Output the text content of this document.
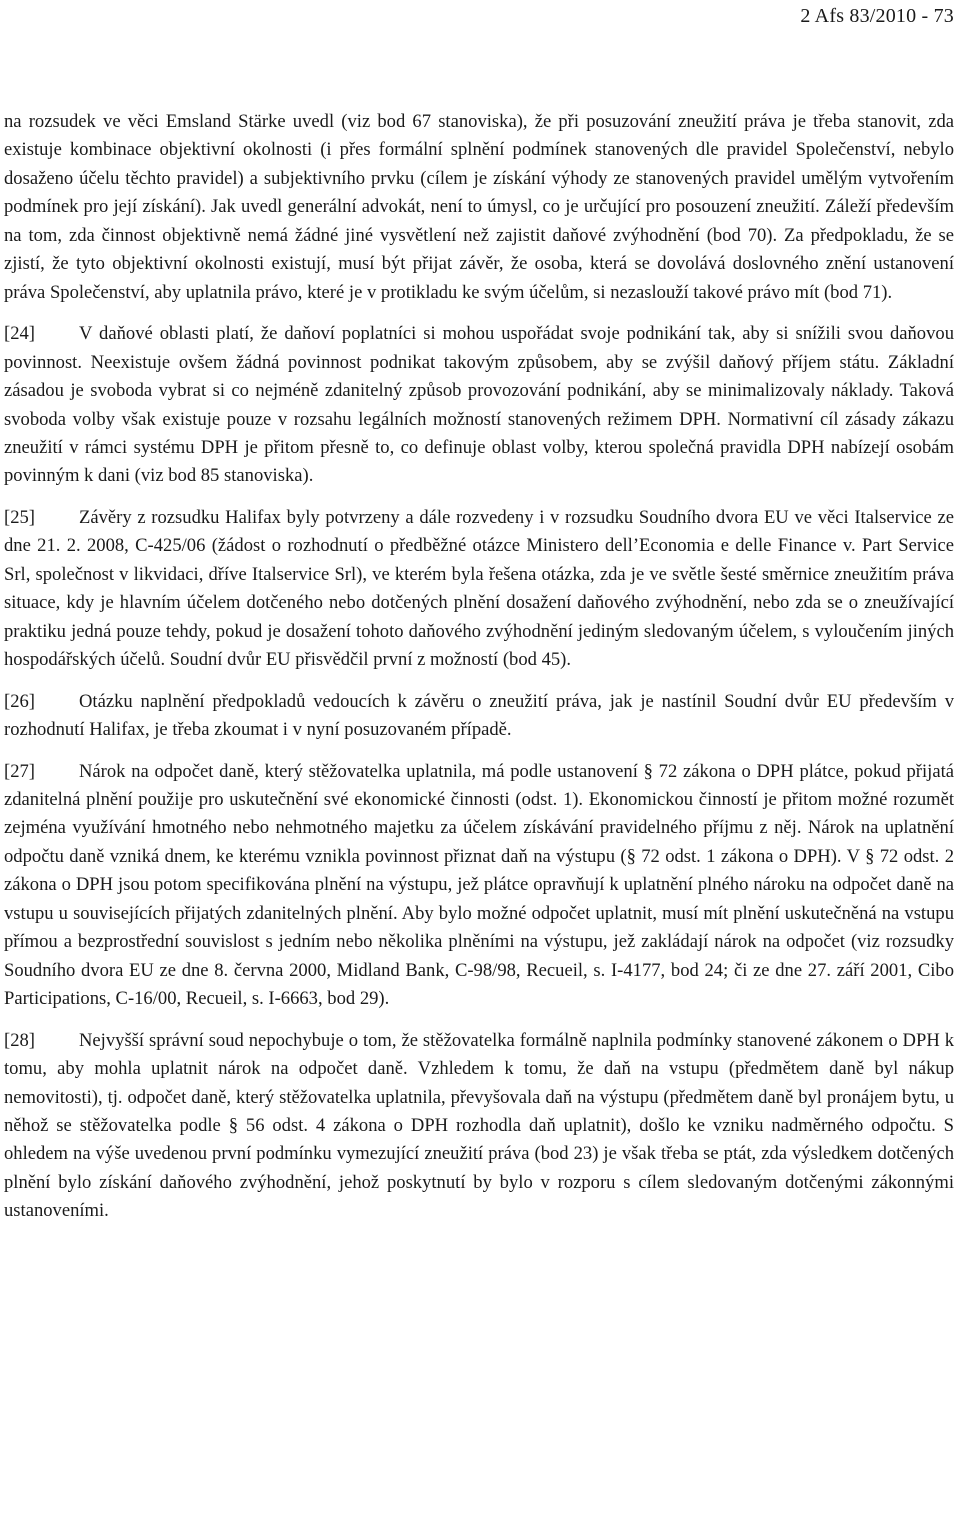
2 Afs 83/2010 - 73

na rozsudek ve věci Emsland Stärke uvedl (viz bod 67 stanoviska), že při posuzování zneužití práva je třeba stanovit, zda existuje kombinace objektivní okolnosti (i přes formální splnění podmínek stanovených dle pravidel Společenství, nebylo dosaženo účelu těchto pravidel) a subjektivního prvku (cílem je získání výhody ze stanovených pravidel umělým vytvořením podmínek pro její získání). Jak uvedl generální advokát, není to úmysl, co je určující pro posouzení zneužití. Záleží především na tom, zda činnost objektivně nemá žádné jiné vysvětlení než zajistit daňové zvýhodnění (bod 70). Za předpokladu, že se zjistí, že tyto objektivní okolnosti existují, musí být přijat závěr, že osoba, která se dovolává doslovného znění ustanovení práva Společenství, aby uplatnila právo, které je v protikladu ke svým účelům, si nezaslouží takové právo mít (bod 71).

[24] V daňové oblasti platí, že daňoví poplatníci si mohou uspořádat svoje podnikání tak, aby si snížili svou daňovou povinnost. Neexistuje ovšem žádná povinnost podnikat takovým způsobem, aby se zvýšil daňový příjem státu. Základní zásadou je svoboda vybrat si co nejméně zdanitelný způsob provozování podnikání, aby se minimalizovaly náklady. Taková svoboda volby však existuje pouze v rozsahu legálních možností stanovených režimem DPH. Normativní cíl zásady zákazu zneužití v rámci systému DPH je přitom přesně to, co definuje oblast volby, kterou společná pravidla DPH nabízejí osobám povinným k dani (viz bod 85 stanoviska).

[25] Závěry z rozsudku Halifax byly potvrzeny a dále rozvedeny i v rozsudku Soudního dvora EU ve věci Italservice ze dne 21. 2. 2008, C-425/06 (žádost o rozhodnutí o předběžné otázce Ministero dell’Economia e delle Finance v. Part Service Srl, společnost v likvidaci, dříve Italservice Srl), ve kterém byla řešena otázka, zda je ve světle šesté směrnice zneužitím práva situace, kdy je hlavním účelem dotčeného nebo dotčených plnění dosažení daňového zvýhodnění, nebo zda se o zneužívající praktiku jedná pouze tehdy, pokud je dosažení tohoto daňového zvýhodnění jediným sledovaným účelem, s vyloučením jiných hospodářských účelů. Soudní dvůr EU přisvědčil první z možností (bod 45).

[26] Otázku naplnění předpokladů vedoucích k závěru o zneužití práva, jak je nastínil Soudní dvůr EU především v rozhodnutí Halifax, je třeba zkoumat i v nyní posuzovaném případě.

[27] Nárok na odpočet daně, který stěžovatelka uplatnila, má podle ustanovení § 72 zákona o DPH plátce, pokud přijatá zdanitelná plnění použije pro uskutečnění své ekonomické činnosti (odst. 1). Ekonomickou činností je přitom možné rozumět zejména využívání hmotného nebo nehmotného majetku za účelem získávání pravidelného příjmu z něj. Nárok na uplatnění odpočtu daně vzniká dnem, ke kterému vznikla povinnost přiznat daň na výstupu (§ 72 odst. 1 zákona o DPH). V § 72 odst. 2 zákona o DPH jsou potom specifikována plnění na výstupu, jež plátce opravňují k uplatnění plného nároku na odpočet daně na vstupu u souvisejících přijatých zdanitelných plnění. Aby bylo možné odpočet uplatnit, musí mít plnění uskutečněná na vstupu přímou a bezprostřední souvislost s jedním nebo několika plněními na výstupu, jež zakládají nárok na odpočet (viz rozsudky Soudního dvora EU ze dne 8. června 2000, Midland Bank, C-98/98, Recueil, s. I-4177, bod 24; či ze dne 27. září 2001, Cibo Participations, C-16/00, Recueil, s. I-6663, bod 29).

[28] Nejvyšší správní soud nepochybuje o tom, že stěžovatelka formálně naplnila podmínky stanovené zákonem o DPH k tomu, aby mohla uplatnit nárok na odpočet daně. Vzhledem k tomu, že daň na vstupu (předmětem daně byl nákup nemovitosti), tj. odpočet daně, který stěžovatelka uplatnila, převyšovala daň na výstupu (předmětem daně byl pronájem bytu, u něhož se stěžovatelka podle § 56 odst. 4 zákona o DPH rozhodla daň uplatnit), došlo ke vzniku nadměrného odpočtu. S ohledem na výše uvedenou první podmínku vymezující zneužití práva (bod 23) je však třeba se ptát, zda výsledkem dotčených plnění bylo získání daňového zvýhodnění, jehož poskytnutí by bylo v rozporu s cílem sledovaným dotčenými zákonnými ustanoveními.
